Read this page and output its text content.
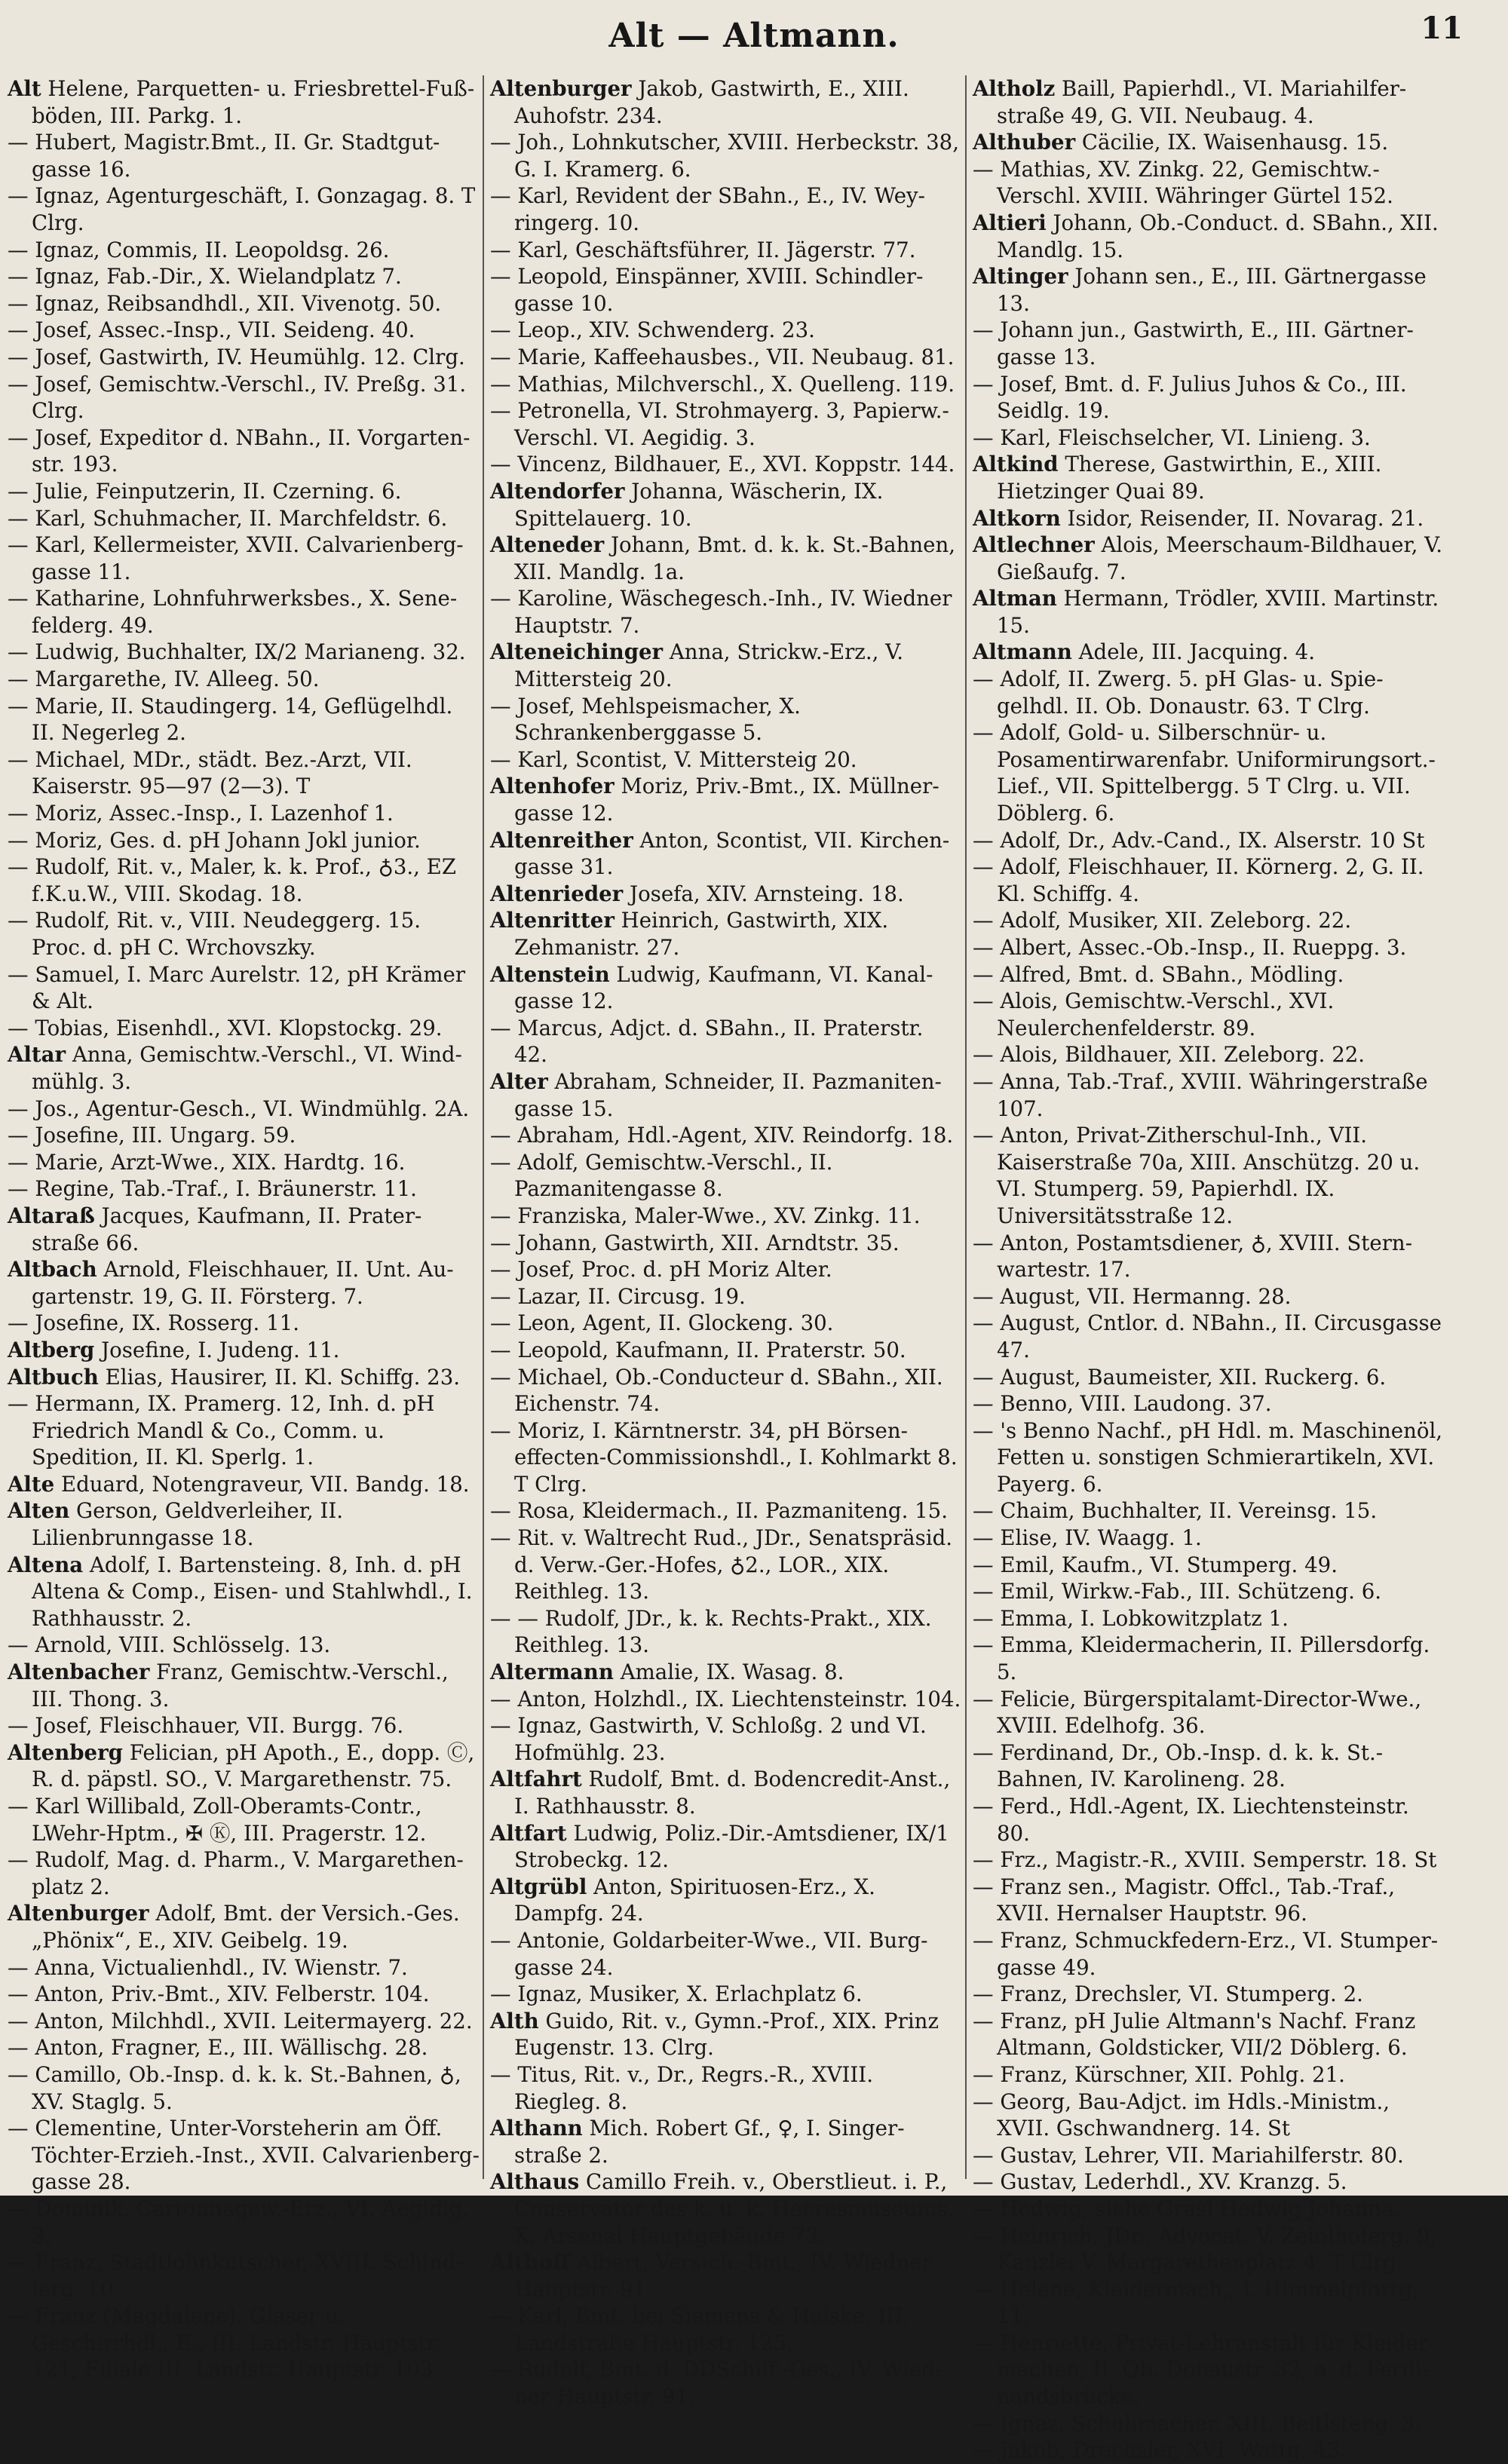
Alt — Altmann.	11

Alt Helene, Parquetten- u. Friesbrettel-Fußböden, III. Parkg. 1.

— Hubert, Magistr.Bmt., II. Gr. Stadtgutgasse 16.

— Ignaz, Agenturgeschäft, I. Gonzagag. 8. T Clrg.

— Ignaz, Commis, II. Leopoldsg. 26.

— Ignaz, Fab.-Dir., X. Wielandplatz 7.

— Ignaz, Reibsandhdl., XII. Vivenotg. 50.

— Josef, Assec.-Insp., VII. Seideng. 40.

— Josef, Gastwirth, IV. Heumühlg. 12. Clrg.

— Josef, Gemischtw.-Verschl., IV. Preßg. 31. Clrg.

— Josef, Expeditor d. NBahn., II. Vorgartenstr. 193.

— Julie, Feinputzerin, II. Czerning. 6.

— Karl, Schuhmacher, II. Marchfeldstr. 6.

— Karl, Kellermeister, XVII. Calvarienberggasse 11.

— Katharine, Lohnfuhrwerksbes., X. Senefelderg. 49.

— Ludwig, Buchhalter, IX/2 Marianeng. 32.

— Margarethe, IV. Alleeg. 50.

— Marie, II. Staudingerg. 14, Geflügelhdl. II. Negerleg 2.

— Michael, MDr., städt. Bez.-Arzt, VII. Kaiserstr. 95—97 (2—3). T

— Moriz, Assec.-Insp., I. Lazenhof 1.

— Moriz, Ges. d. pH Johann Jokl junior.

— Rudolf, Rit. v., Maler, k. k. Prof., ♁3., EZ f.K.u.W., VIII. Skodag. 18.

— Rudolf, Rit. v., VIII. Neudeggerg. 15. Proc. d. pH C. Wrchovszky.

— Samuel, I. Marc Aurelstr. 12, pH Krämer & Alt.

— Tobias, Eisenhdl., XVI. Klopstockg. 29.

Altar Anna, Gemischtw.-Verschl., VI. Windmühlg. 3.

— Jos., Agentur-Gesch., VI. Windmühlg. 2A.

— Josefine, III. Ungarg. 59.

— Marie, Arzt-Wwe., XIX. Hardtg. 16.

— Regine, Tab.-Traf., I. Bräunerstr. 11.

Altaraß Jacques, Kaufmann, II. Praterstraße 66.

Altbach Arnold, Fleischhauer, II. Unt. Augartenstr. 19, G. II. Försterg. 7.

— Josefine, IX. Rosserg. 11.

Altberg Josefine, I. Judeng. 11.

Altbuch Elias, Hausirer, II. Kl. Schiffg. 23.

— Hermann, IX. Pramerg. 12, Inh. d. pH Friedrich Mandl & Co., Comm. u. Spedition, II. Kl. Sperlg. 1.

Alte Eduard, Notengraveur, VII. Bandg. 18.

Alten Gerson, Geldverleiher, II. Lilienbrunngasse 18.

Altena Adolf, I. Bartensteing. 8, Inh. d. pH Altena & Comp., Eisen- und Stahlwhdl., I. Rathhausstr. 2.

— Arnold, VIII. Schlösselg. 13.

Altenbacher Franz, Gemischtw.-Verschl., III. Thong. 3.

— Josef, Fleischhauer, VII. Burgg. 76.

Altenberg Felician, pH Apoth., E., dopp. Ⓒ, R. d. päpstl. SO., V. Margarethenstr. 75.

— Karl Willibald, Zoll-Oberamts-Contr., LWehr-Hptm., ✠ Ⓚ, III. Pragerstr. 12.

— Rudolf, Mag. d. Pharm., V. Margarethenplatz 2.

Altenburger Adolf, Bmt. der Versich.-Ges. „Phönix“, E., XIV. Geibelg. 19.

— Anna, Victualienhdl., IV. Wienstr. 7.

— Anton, Priv.-Bmt., XIV. Felberstr. 104.

— Anton, Milchhdl., XVII. Leitermayerg. 22.

— Anton, Fragner, E., III. Wällischg. 28.

— Camillo, Ob.-Insp. d. k. k. St.-Bahnen, ♁, XV. Staglg. 5.

— Clementine, Unter-Vorsteherin am Öff. Töchter-Erzieh.-Inst., XVII. Calvarienberggasse 28.

— Dominik, Cartonnagew.-Erz., VI. Aegidig. 3.

— Franz, Stadtlohnkutscher, XVIII. Schindlerg. 10.

— Franz (Magdalene), Glaser u. Geschirrhdl., E., III. Landstr. Hauptstr. 121, Filiale III. Landstr. Hauptstr. 103.

Altenburger Jakob, Gastwirth, E., XIII. Auhofstr. 234.

— Joh., Lohnkutscher, XVIII. Herbeckstr. 38, G. I. Kramerg. 6.

— Karl, Revident der SBahn., E., IV. Weyringerg. 10.

— Karl, Geschäftsführer, II. Jägerstr. 77.

— Leopold, Einspänner, XVIII. Schindlergasse 10.

— Leop., XIV. Schwenderg. 23.

— Marie, Kaffeehausbes., VII. Neubaug. 81.

— Mathias, Milchverschl., X. Quelleng. 119.

— Petronella, VI. Strohmayerg. 3, Papierw.-Verschl. VI. Aegidig. 3.

— Vincenz, Bildhauer, E., XVI. Koppstr. 144.

Altendorfer Johanna, Wäscherin, IX. Spittelauerg. 10.

Alteneder Johann, Bmt. d. k. k. St.-Bahnen, XII. Mandlg. 1a.

— Karoline, Wäschegesch.-Inh., IV. Wiedner Hauptstr. 7.

Alteneichinger Anna, Strickw.-Erz., V. Mittersteig 20.

— Josef, Mehlspeismacher, X. Schrankenberggasse 5.

— Karl, Scontist, V. Mittersteig 20.

Altenhofer Moriz, Priv.-Bmt., IX. Müllnergasse 12.

Altenreither Anton, Scontist, VII. Kirchengasse 31.

Altenrieder Josefa, XIV. Arnsteing. 18.

Altenritter Heinrich, Gastwirth, XIX. Zehmanistr. 27.

Altenstein Ludwig, Kaufmann, VI. Kanalgasse 12.

— Marcus, Adjct. d. SBahn., II. Praterstr. 42.

Alter Abraham, Schneider, II. Pazmanitengasse 15.

— Abraham, Hdl.-Agent, XIV. Reindorfg. 18.

— Adolf, Gemischtw.-Verschl., II. Pazmanitengasse 8.

— Franziska, Maler-Wwe., XV. Zinkg. 11.

— Johann, Gastwirth, XII. Arndtstr. 35.

— Josef, Proc. d. pH Moriz Alter.

— Lazar, II. Circusg. 19.

— Leon, Agent, II. Glockeng. 30.

— Leopold, Kaufmann, II. Praterstr. 50.

— Michael, Ob.-Conducteur d. SBahn., XII. Eichenstr. 74.

— Moriz, I. Kärntnerstr. 34, pH Börseneffecten-Commissionshdl., I. Kohlmarkt 8. T Clrg.

— Rosa, Kleidermach., II. Pazmaniteng. 15.

— Rit. v. Waltrecht Rud., JDr., Senatspräsid. d. Verw.-Ger.-Hofes, ♁2., LOR., XIX. Reithleg. 13.

— — Rudolf, JDr., k. k. Rechts-Prakt., XIX. Reithleg. 13.

Altermann Amalie, IX. Wasag. 8.

— Anton, Holzhdl., IX. Liechtensteinstr. 104.

— Ignaz, Gastwirth, V. Schloßg. 2 und VI. Hofmühlg. 23.

Altfahrt Rudolf, Bmt. d. Bodencredit-Anst., I. Rathhausstr. 8.

Altfart Ludwig, Poliz.-Dir.-Amtsdiener, IX/1 Strobeckg. 12.

Altgrübl Anton, Spirituosen-Erz., X. Dampfg. 24.

— Antonie, Goldarbeiter-Wwe., VII. Burggasse 24.

— Ignaz, Musiker, X. Erlachplatz 6.

Alth Guido, Rit. v., Gymn.-Prof., XIX. Prinz Eugenstr. 13. Clrg.

— Titus, Rit. v., Dr., Regrs.-R., XVIII. Riegleg. 8.

Althann Mich. Robert Gf., ♀, I. Singerstraße 2.

Althaus Camillo Freih. v., Oberstlieut. i. P., Conservator des k. u. k. Heeresmuseums, X. Arsenal Hauptgebäude 73.

Althoff Albert, Versich.-Bmt., IV. Wiedner Hauptstr. 91.

— Karl, Bmt. bei Siemens & Halske, III. Landstraße Hauptstr. 125.

— Rudolf, Bmt. d. DDSchiff.-Ges., IV. Wiedner Hauptstr. 91.

Altholz Baill, Papierhdl., VI. Mariahilferstraße 49, G. VII. Neubaug. 4.

Althuber Cäcilie, IX. Waisenhausg. 15.

— Mathias, XV. Zinkg. 22, Gemischtw.-Verschl. XVIII. Währinger Gürtel 152.

Altieri Johann, Ob.-Conduct. d. SBahn., XII. Mandlg. 15.

Altinger Johann sen., E., III. Gärtnergasse 13.

— Johann jun., Gastwirth, E., III. Gärtnergasse 13.

— Josef, Bmt. d. F. Julius Juhos & Co., III. Seidlg. 19.

— Karl, Fleischselcher, VI. Linieng. 3.

Altkind Therese, Gastwirthin, E., XIII. Hietzinger Quai 89.

Altkorn Isidor, Reisender, II. Novarag. 21.

Altlechner Alois, Meerschaum-Bildhauer, V. Gießaufg. 7.

Altman Hermann, Trödler, XVIII. Martinstr. 15.

Altmann Adele, III. Jacquing. 4.

— Adolf, II. Zwerg. 5. pH Glas- u. Spiegelhdl. II. Ob. Donaustr. 63. T Clrg.

— Adolf, Gold- u. Silberschnür- u. Posamentirwarenfabr. Uniformirungsort.-Lief., VII. Spittelbergg. 5 T Clrg. u. VII. Döblerg. 6.

— Adolf, Dr., Adv.-Cand., IX. Alserstr. 10 St

— Adolf, Fleischhauer, II. Körnerg. 2, G. II. Kl. Schiffg. 4.

— Adolf, Musiker, XII. Zeleborg. 22.

— Albert, Assec.-Ob.-Insp., II. Rueppg. 3.

— Alfred, Bmt. d. SBahn., Mödling.

— Alois, Gemischtw.-Verschl., XVI. Neulerchenfelderstr. 89.

— Alois, Bildhauer, XII. Zeleborg. 22.

— Anna, Tab.-Traf., XVIII. Währingerstraße 107.

— Anton, Privat-Zitherschul-Inh., VII. Kaiserstraße 70a, XIII. Anschützg. 20 u. VI. Stumperg. 59, Papierhdl. IX. Universitätsstraße 12.

— Anton, Postamtsdiener, ♁, XVIII. Sternwartestr. 17.

— August, VII. Hermanng. 28.

— August, Cntlor. d. NBahn., II. Circusgasse 47.

— August, Baumeister, XII. Ruckerg. 6.

— Benno, VIII. Laudong. 37.

— 's Benno Nachf., pH Hdl. m. Maschinenöl, Fetten u. sonstigen Schmierartikeln, XVI. Payerg. 6.

— Chaim, Buchhalter, II. Vereinsg. 15.

— Elise, IV. Waagg. 1.

— Emil, Kaufm., VI. Stumperg. 49.

— Emil, Wirkw.-Fab., III. Schützeng. 6.

— Emma, I. Lobkowitzplatz 1.

— Emma, Kleidermacherin, II. Pillersdorfg. 5.

— Felicie, Bürgerspitalamt-Director-Wwe., XVIII. Edelhofg. 36.

— Ferdinand, Dr., Ob.-Insp. d. k. k. St.-Bahnen, IV. Karolineng. 28.

— Ferd., Hdl.-Agent, IX. Liechtensteinstr. 80.

— Frz., Magistr.-R., XVIII. Semperstr. 18. St

— Franz sen., Magistr. Offcl., Tab.-Traf., XVII. Hernalser Hauptstr. 96.

— Franz, Schmuckfedern-Erz., VI. Stumpergasse 49.

— Franz, Drechsler, VI. Stumperg. 2.

— Franz, pH Julie Altmann's Nachf. Franz Altmann, Goldsticker, VII/2 Döblerg. 6.

— Franz, Kürschner, XII. Pohlg. 21.

— Georg, Bau-Adjct. im Hdls.-Ministm., XVII. Gschwandnerg. 14. St

— Gustav, Lehrer, VII. Mariahilferstr. 80.

— Gustav, Lederhdl., XV. Kranzg. 5.

— Hedwig, siehe Grasl Hedwig Johanna.

— Heinrich, JDr., Advocat, V. Zeinlhoferg. 9, Kanzlei V. Margarethenplatz 4. T Clrg.

— Helene, Kleidermach., I. Himmelpfortg. 11.

— Henriette, Privat-Lehranstalt für Kleidermachen, II. Ob. Donaustr. 32, a. d. Ferdinandsbrücke.

— Ignaz, Schuhmacher, XIII. Beitlsteng. 3.

— Jakob, Drechsler, XVI. Wattg. 43.
